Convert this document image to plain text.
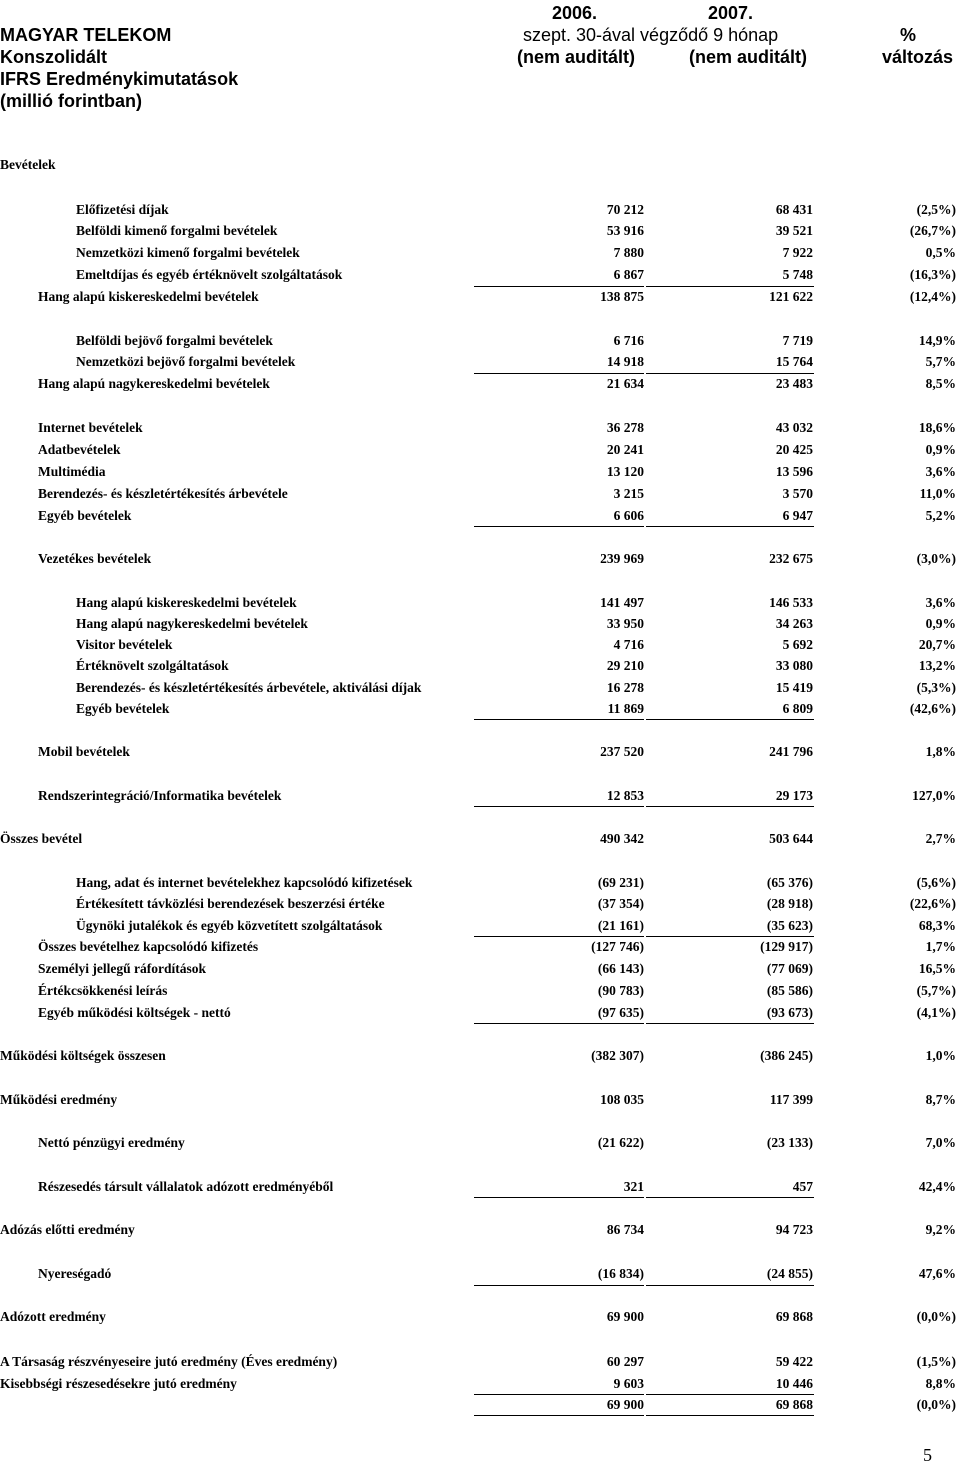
MAGYAR TELEKOM
Konszolidált
IFRS Eredménykimutatások
(millió forintban)
2006.	2007.
szept. 30-ával végződő 9 hónap
(nem auditált)	(nem auditált)
%
változás
Bevételek
Előfizetési díjak	70 212	68 431	(2,5%)
Belföldi kimenő forgalmi bevételek	53 916	39 521	(26,7%)
Nemzetközi kimenő forgalmi bevételek	7 880	7 922	0,5%
Emeltdíjas és egyéb értéknövelt szolgáltatások	6 867	5 748	(16,3%)
Hang alapú kiskereskedelmi bevételek	138 875	121 622	(12,4%)
Belföldi bejövő forgalmi bevételek	6 716	7 719	14,9%
Nemzetközi bejövő forgalmi bevételek	14 918	15 764	5,7%
Hang alapú nagykereskedelmi bevételek	21 634	23 483	8,5%
Internet bevételek	36 278	43 032	18,6%
Adatbevételek	20 241	20 425	0,9%
Multimédia	13 120	13 596	3,6%
Berendezés- és készletértékesítés árbevétele	3 215	3 570	11,0%
Egyéb bevételek	6 606	6 947	5,2%
Vezetékes bevételek	239 969	232 675	(3,0%)
Hang alapú kiskereskedelmi bevételek	141 497	146 533	3,6%
Hang alapú nagykereskedelmi bevételek	33 950	34 263	0,9%
Visitor bevételek	4 716	5 692	20,7%
Értéknövelt szolgáltatások	29 210	33 080	13,2%
Berendezés- és készletértékesítés árbevétele, aktiválási díjak	16 278	15 419	(5,3%)
Egyéb bevételek	11 869	6 809	(42,6%)
Mobil bevételek	237 520	241 796	1,8%
Rendszerintegráció/Informatika bevételek	12 853	29 173	127,0%
Összes bevétel	490 342	503 644	2,7%
Hang, adat és internet bevételekhez kapcsolódó kifizetések	(69 231)	(65 376)	(5,6%)
Értékesített távközlési berendezések beszerzési értéke	(37 354)	(28 918)	(22,6%)
Ügynöki jutalékok és egyéb közvetített szolgáltatások	(21 161)	(35 623)	68,3%
Összes bevételhez kapcsolódó kifizetés	(127 746)	(129 917)	1,7%
Személyi jellegű ráfordítások	(66 143)	(77 069)	16,5%
Értékcsökkenési leírás	(90 783)	(85 586)	(5,7%)
Egyéb működési költségek - nettó	(97 635)	(93 673)	(4,1%)
Működési költségek összesen	(382 307)	(386 245)	1,0%
Működési eredmény	108 035	117 399	8,7%
Nettó pénzügyi eredmény	(21 622)	(23 133)	7,0%
Részesedés társult vállalatok adózott eredményéből	321	457	42,4%
Adózás előtti eredmény	86 734	94 723	9,2%
Nyereségadó	(16 834)	(24 855)	47,6%
Adózott eredmény	69 900	69 868	(0,0%)
A Társaság részvényeseire jutó eredmény (Éves eredmény)	60 297	59 422	(1,5%)
Kisebbségi részesedésekre jutó eredmény	9 603	10 446	8,8%
69 900	69 868	(0,0%)
5
